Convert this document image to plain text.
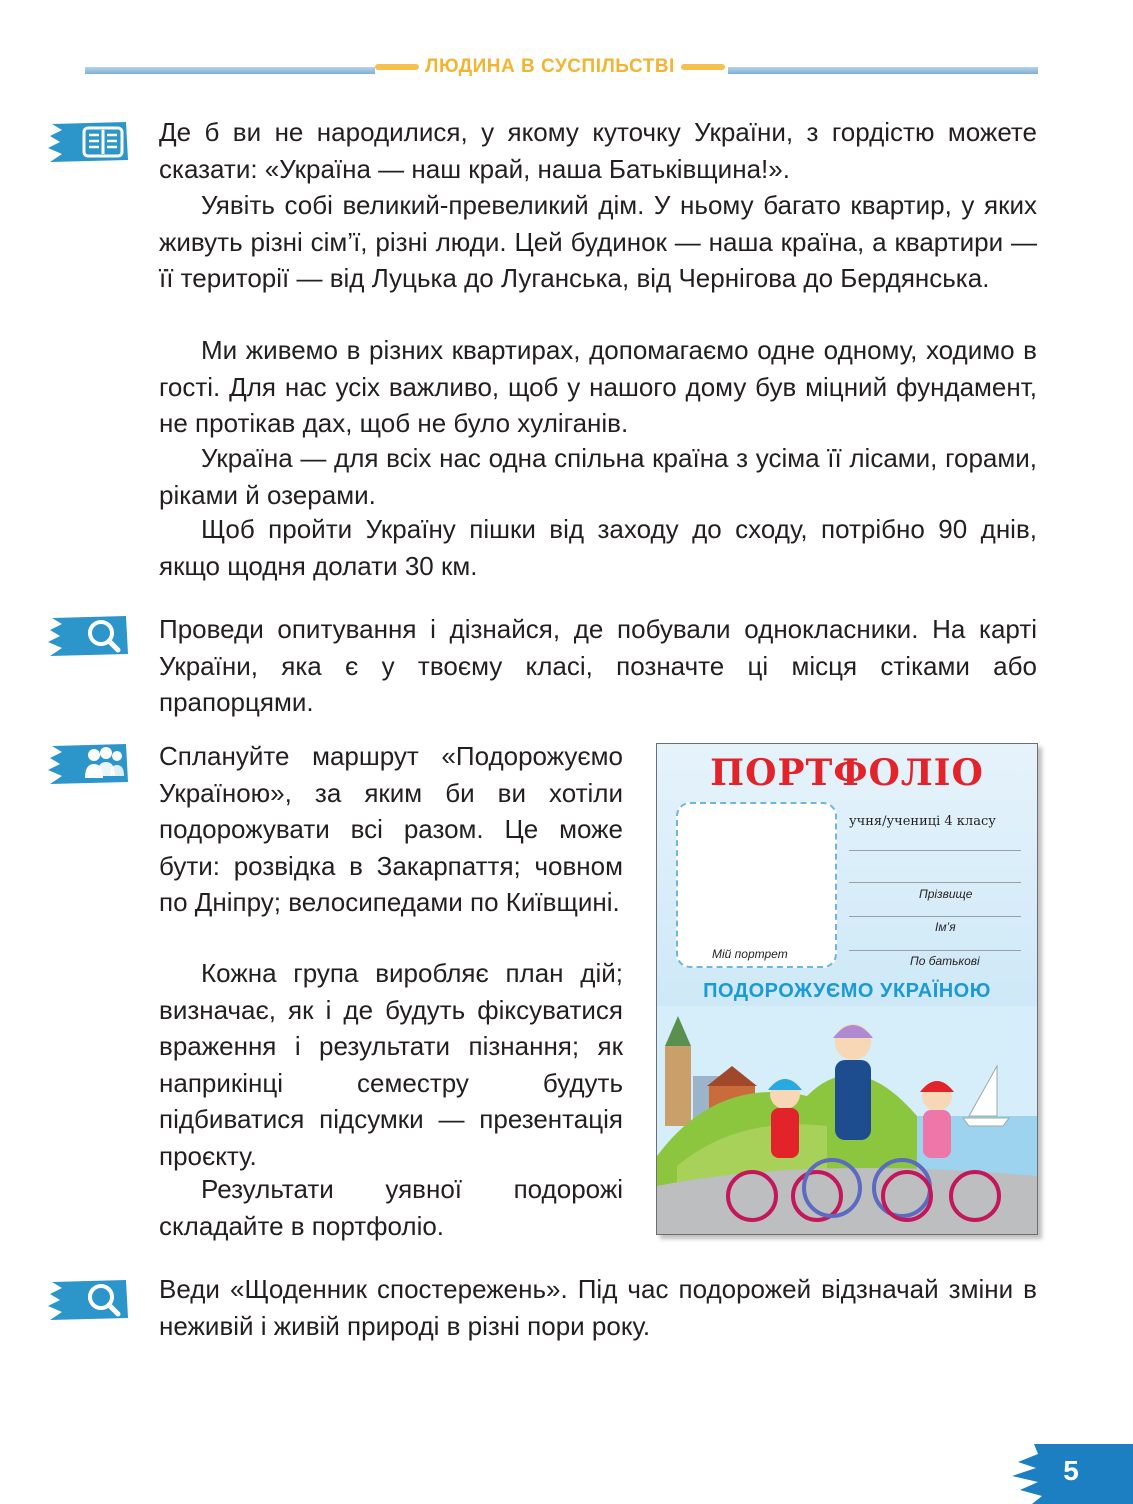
ЛЮДИНА В СУСПІЛЬСТВІ

Де б ви не народилися, у якому куточку України, з гордістю можете сказати: «Україна — наш край, наша Батьківщина!».

Уявіть собі великий-превеликий дім. У ньому багато квартир, у яких живуть різні сім’ї, різні люди. Цей будинок — наша країна, а квартири — її території — від Луцька до Луганська, від Чернігова до Бердянська.

Ми живемо в різних квартирах, допомагаємо одне одному, ходимо в гості. Для нас усіх важливо, щоб у нашого дому був міцний фундамент, не протікав дах, щоб не було хуліганів.

Україна — для всіх нас одна спільна країна з усіма її лісами, горами, ріками й озерами.

Щоб пройти Україну пішки від заходу до сходу, потрібно 90 днів, якщо щодня долати 30 км.

Проведи опитування і дізнайся, де побували однокласники. На карті України, яка є у твоєму класі, позначте ці місця стіками або прапорцями.

Сплануйте маршрут «Подорожуємо Україною», за яким би ви хотіли подорожувати всі разом. Це може бути: розвідка в Закарпаття; човном по Дніпру; велосипедами по Київщині.

Кожна група виробляє план дій; визначає, як і де будуть фіксуватися враження і результати пізнання; як наприкінці семестру будуть підбиватися підсумки — презентація проєкту.

Результати уявної подорожі складайте в портфоліо.

ПОРТФОЛІО
Мій портрет
учня/учениці 4 класу
Прізвище
Ім’я
По батькові
ПОДОРОЖУЄМО УКРАЇНОЮ

Веди «Щоденник спостережень». Під час подорожей відзначай зміни в неживій і живій природі в різні пори року.

5
